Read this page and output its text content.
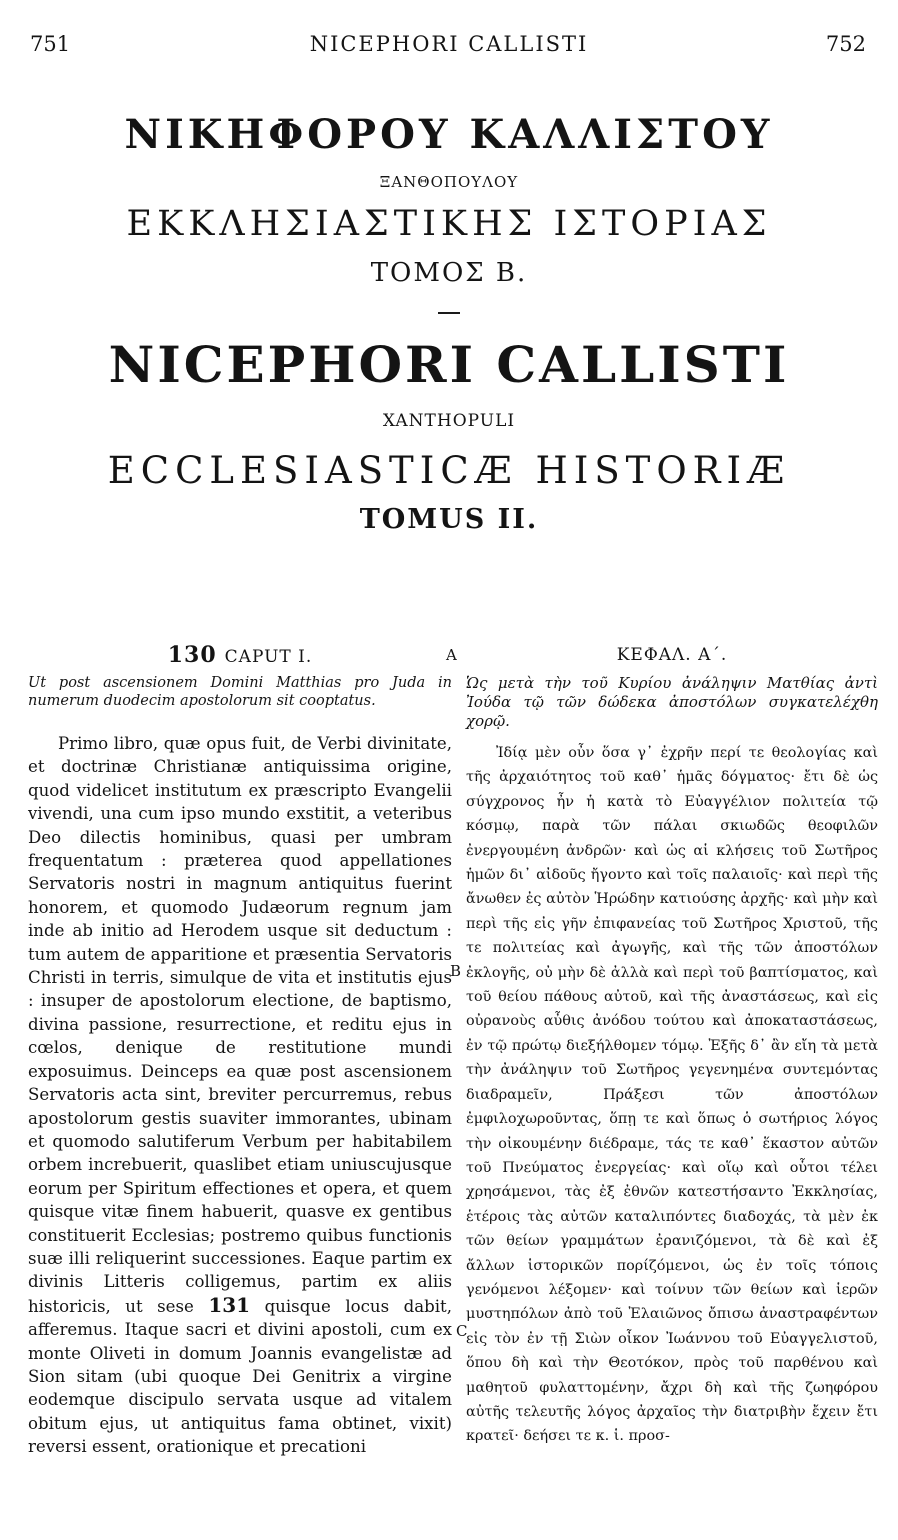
751	NICEPHORI CALLISTI	752
ΝΙΚΗΦΟΡΟΥ ΚΑΛΛΙΣΤΟΥ
ΞΑΝΘΟΠΟΥΛΟΥ
ΕΚΚΛΗΣΙΑΣΤΙΚΗΣ ΙΣΤΟΡΙΑΣ
ΤΟΜΟΣ Β.
NICEPHORI CALLISTI
XANTHOPULI
ECCLESIASTICÆ HISTORIÆ
TOMUS II.
A
B
C
130 CAPUT I.

Ut post ascensionem Domini Matthias pro Juda in numerum duodecim apostolorum sit cooptatus.

Primo libro, quæ opus fuit, de Verbi divinitate, et doctrinæ Christianæ antiquissima origine, quod videlicet institutum ex præscripto Evangelii vivendi, una cum ipso mundo exstitit, a veteribus Deo dilectis hominibus, quasi per umbram frequentatum : præterea quod appellationes Servatoris nostri in magnum antiquitus fuerint honorem, et quomodo Judæorum regnum jam inde ab initio ad Herodem usque sit deductum : tum autem de apparitione et præsentia Servatoris Christi in terris, simulque de vita et institutis ejus : insuper de apostolorum electione, de baptismo, divina passione, resurrectione, et reditu ejus in cœlos, denique de restitutione mundi exposuimus. Deinceps ea quæ post ascensionem Servatoris acta sint, breviter percurremus, rebus apostolorum gestis suaviter immorantes, ubinam et quomodo salutiferum Verbum per habitabilem orbem increbuerit, quaslibet etiam uniuscujusque eorum per Spiritum effectiones et opera, et quem quisque vitæ finem habuerit, quasve ex gentibus constituerit Ecclesias; postremo quibus functionis suæ illi reliquerint successiones. Eaque partim ex divinis Litteris colligemus, partim ex aliis historicis, ut sese 131 quisque locus dabit, afferemus. Itaque sacri et divini apostoli, cum ex monte Oliveti in domum Joannis evangelistæ ad Sion sitam (ubi quoque Dei Genitrix a virgine eodemque discipulo servata usque ad vitalem obitum ejus, ut antiquitus fama obtinet, vixit) reversi essent, orationique et precationi

ΚΕΦΑΛ. Α΄.

Ὡς μετὰ τὴν τοῦ Κυρίου ἀνάληψιν Ματθίας ἀντὶ Ἰούδα τῷ τῶν δώδεκα ἀποστόλων συγκατελέχθη χορῷ.

Ἰδίᾳ μὲν οὖν ὅσα γ᾿ ἐχρῆν περί τε θεολογίας καὶ τῆς ἀρχαιότητος τοῦ καθ᾿ ἡμᾶς δόγματος· ἔτι δὲ ὡς σύγχρονος ἦν ἡ κατὰ τὸ Εὐαγγέλιον πολιτεία τῷ κόσμῳ, παρὰ τῶν πάλαι σκιωδῶς θεοφιλῶν ἐνεργουμένη ἀνδρῶν· καὶ ὡς αἱ κλήσεις τοῦ Σωτῆρος ἡμῶν δι᾿ αἰδοῦς ἤγοντο καὶ τοῖς παλαιοῖς· καὶ περὶ τῆς ἄνωθεν ἐς αὐτὸν Ἡρώδην κατιούσης ἀρχῆς· καὶ μὴν καὶ περὶ τῆς εἰς γῆν ἐπιφανείας τοῦ Σωτῆρος Χριστοῦ, τῆς τε πολιτείας καὶ ἀγωγῆς, καὶ τῆς τῶν ἀποστόλων ἐκλογῆς, οὐ μὴν δὲ ἀλλὰ καὶ περὶ τοῦ βαπτίσματος, καὶ τοῦ θείου πάθους αὐτοῦ, καὶ τῆς ἀναστάσεως, καὶ εἰς οὐρανοὺς αὖθις ἀνόδου τούτου καὶ ἀποκαταστάσεως, ἐν τῷ πρώτῳ διεξήλθομεν τόμῳ. Ἐξῆς δ᾿ ἂν εἴη τὰ μετὰ τὴν ἀνάληψιν τοῦ Σωτῆρος γεγενημένα συντεμόντας διαδραμεῖν, Πράξεσι τῶν ἀποστόλων ἐμφιλοχωροῦντας, ὅπῃ τε καὶ ὅπως ὁ σωτήριος λόγος τὴν οἰκουμένην διέδραμε, τάς τε καθ᾿ ἕκαστον αὐτῶν τοῦ Πνεύματος ἐνεργείας· καὶ οἵῳ καὶ οὗτοι τέλει χρησάμενοι, τὰς ἐξ ἐθνῶν κατεστήσαντο Ἐκκλησίας, ἑτέροις τὰς αὐτῶν καταλιπόντες διαδοχάς, τὰ μὲν ἐκ τῶν θείων γραμμάτων ἐρανιζόμενοι, τὰ δὲ καὶ ἐξ ἄλλων ἱστορικῶν πορίζόμενοι, ὡς ἐν τοῖς τόποις γενόμενοι λέξομεν· καὶ τοίνυν τῶν θείων καὶ ἱερῶν μυστηπόλων ἀπὸ τοῦ Ἐλαιῶνος ὄπισω ἀναστραφέντων εἰς τὸν ἐν τῇ Σιὼν οἶκον Ἰωάννου τοῦ Εὐαγγελιστοῦ, ὅπου δὴ καὶ τὴν Θεοτόκον, πρὸς τοῦ παρθένου καὶ μαθητοῦ φυλαττομένην, ἄχρι δὴ καὶ τῆς ζωηφόρου αὐτῆς τελευτῆς λόγος ἀρχαῖος τὴν διατριβὴν ἔχειν ἔτι κρατεῖ· δεήσει τε κ. ἱ. προσ-
